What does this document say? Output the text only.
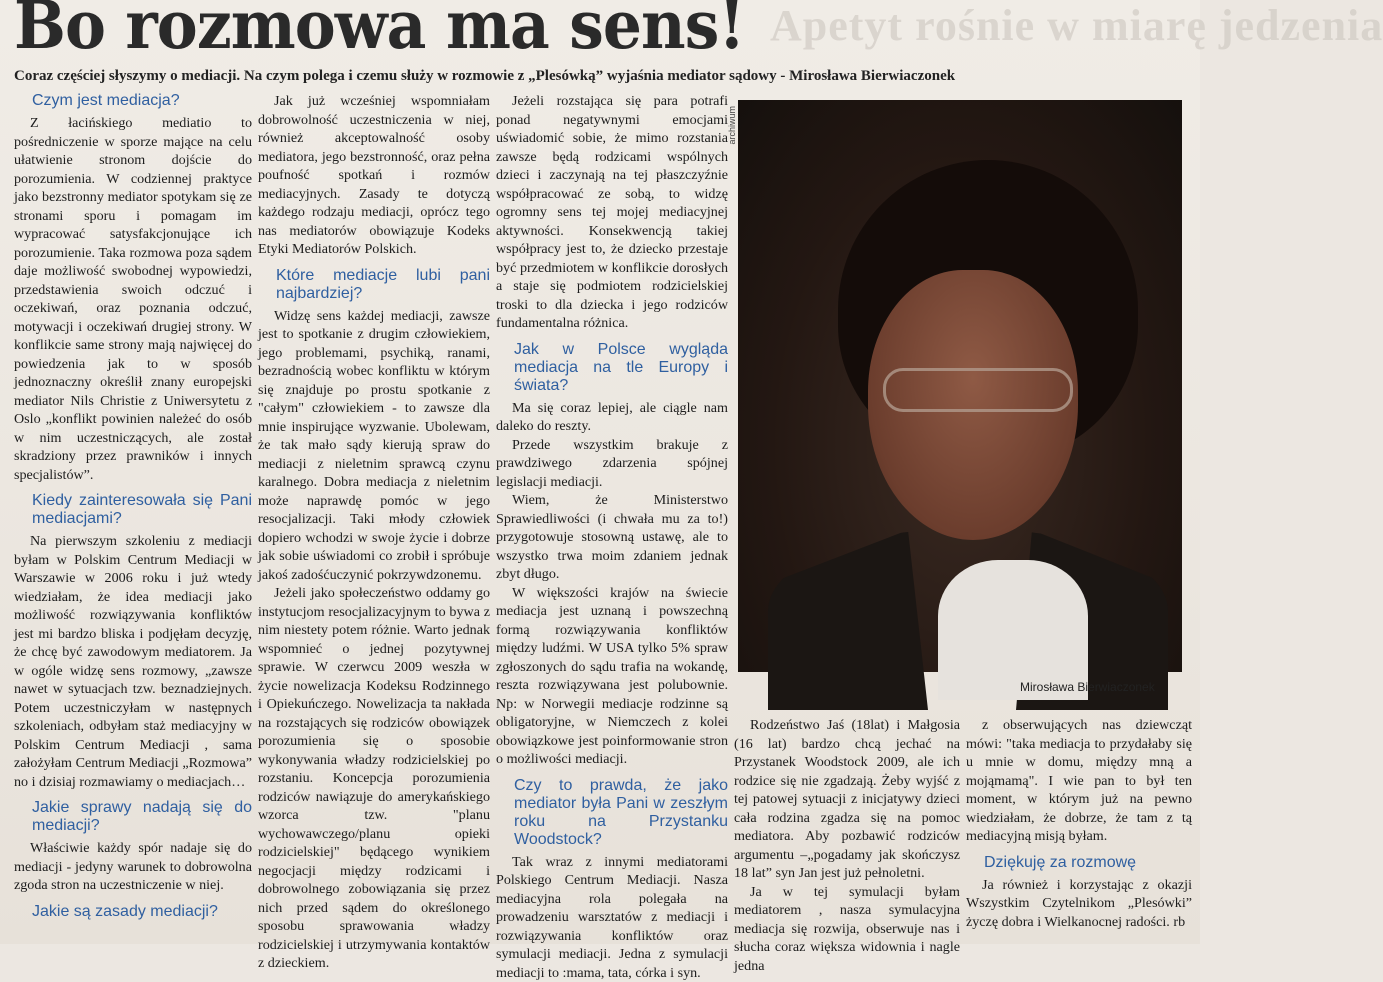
Apetyt rośnie w miarę jedzenia
Bo rozmowa ma sens!
Coraz częściej słyszymy o mediacji. Na czym polega i czemu służy w rozmowie z „Plesówką” wyjaśnia mediator sądowy - Mirosława Bierwiaczonek
Czym jest mediacja?

Z łacińskiego mediatio to pośredniczenie w sporze mające na celu ułatwienie stronom dojście do porozumienia. W codziennej praktyce jako bezstronny mediator spotykam się ze stronami sporu i pomagam im wypracować satysfakcjonujące ich porozumienie. Taka rozmowa poza sądem daje możliwość swobodnej wypowiedzi, przedstawienia swoich odczuć i oczekiwań, oraz poznania odczuć, motywacji i oczekiwań drugiej strony. W konflikcie same strony mają najwięcej do powiedzenia jak to w sposób jednoznaczny określił znany europejski mediator Nils Christie z Uniwersytetu z Oslo „konflikt powinien należeć do osób w nim uczestniczących, ale został skradziony przez prawników i innych specjalistów”.

Kiedy zainteresowała się Pani mediacjami?

Na pierwszym szkoleniu z mediacji byłam w Polskim Centrum Mediacji w Warszawie w 2006 roku i już wtedy wiedziałam, że idea mediacji jako możliwość rozwiązywania konfliktów jest mi bardzo bliska i podjęłam decyzję, że chcę być zawodowym mediatorem. Ja w ogóle widzę sens rozmowy, „zawsze nawet w sytuacjach tzw. beznadziejnych. Potem uczestniczyłam w następnych szkoleniach, odbyłam staż mediacyjny w Polskim Centrum Mediacji , sama założyłam Centrum Mediacji „Rozmowa” no i dzisiaj rozmawiamy o mediacjach…

Jakie sprawy nadają się do mediacji?

Właściwie każdy spór nadaje się do mediacji - jedyny warunek to dobrowolna zgoda stron na uczestniczenie w niej.

Jakie są zasady mediacji?

Jak już wcześniej wspomniałam dobrowolność uczestniczenia w niej, również akceptowalność osoby mediatora, jego bezstronność, oraz pełna poufność spotkań i rozmów mediacyjnych. Zasady te dotyczą każdego rodzaju mediacji, oprócz tego nas mediatorów obowiązuje Kodeks Etyki Mediatorów Polskich.

Które mediacje lubi pani najbardziej?

Widzę sens każdej mediacji, zawsze jest to spotkanie z drugim człowiekiem, jego problemami, psychiką, ranami, bezradnością wobec konfliktu w którym się znajduje po prostu spotkanie z "całym" człowiekiem - to zawsze dla mnie inspirujące wyzwanie. Ubolewam, że tak mało sądy kierują spraw do mediacji z nieletnim sprawcą czynu karalnego. Dobra mediacja z nieletnim może naprawdę pomóc w jego resocjalizacji. Taki młody człowiek dopiero wchodzi w swoje życie i dobrze jak sobie uświadomi co zrobił i spróbuje jakoś zadośćuczynić pokrzywdzonemu.

Jeżeli jako społeczeństwo oddamy go instytucjom resocjalizacyjnym to bywa z nim niestety potem różnie. Warto jednak wspomnieć o jednej pozytywnej sprawie. W czerwcu 2009 weszła w życie nowelizacja Kodeksu Rodzinnego i Opiekuńczego. Nowelizacja ta nakłada na rozstających się rodziców obowiązek porozumienia się o sposobie wykonywania władzy rodzicielskiej po rozstaniu. Koncepcja porozumienia rodziców nawiązuje do amerykańskiego wzorca tzw. "planu wychowawczego/planu opieki rodzicielskiej" będącego wynikiem negocjacji między rodzicami i dobrowolnego zobowiązania się przez nich przed sądem do określonego sposobu sprawowania władzy rodzicielskiej i utrzymywania kontaktów z dzieckiem.

Jeżeli rozstająca się para potrafi ponad negatywnymi emocjami uświadomić sobie, że mimo rozstania zawsze będą rodzicami wspólnych dzieci i zaczynają na tej płaszczyźnie współpracować ze sobą, to widzę ogromny sens tej mojej mediacyjnej aktywności. Konsekwencją takiej współpracy jest to, że dziecko przestaje być przedmiotem w konflikcie dorosłych a staje się podmiotem rodzicielskiej troski to dla dziecka i jego rodziców fundamentalna różnica.

Jak w Polsce wygląda mediacja na tle Europy i świata?

Ma się coraz lepiej, ale ciągle nam daleko do reszty.

Przede wszystkim brakuje z prawdziwego zdarzenia spójnej legislacji mediacji.

Wiem, że Ministerstwo Sprawiedliwości (i chwała mu za to!) przygotowuje stosowną ustawę, ale to wszystko trwa moim zdaniem jednak zbyt długo.

W większości krajów na świecie mediacja jest uznaną i powszechną formą rozwiązywania konfliktów między ludźmi. W USA tylko 5% spraw zgłoszonych do sądu trafia na wokandę, reszta rozwiązywana jest polubownie. Np: w Norwegii mediacje rodzinne są obligatoryjne, w Niemczech z kolei obowiązkowe jest poinformowanie stron o możliwości mediacji.

Czy to prawda, że jako mediator była Pani w zeszłym roku na Przystanku Woodstock?

Tak wraz z innymi mediatorami Polskiego Centrum Mediacji. Nasza mediacyjna rola polegała na prowadzeniu warsztatów z mediacji i rozwiązywania konfliktów oraz symulacji mediacji. Jedna z symulacji mediacji to :mama, tata, córka i syn.

archiwum
Mirosława Bierwiaczonek

Rodzeństwo Jaś (18lat) i Małgosia (16 lat) bardzo chcą jechać na Przystanek Woodstock 2009, ale ich rodzice się nie zgadzają. Żeby wyjść z tej patowej sytuacji z inicjatywy dzieci cała rodzina zgadza się na pomoc mediatora. Aby pozbawić rodziców argumentu –„pogadamy jak skończysz 18 lat” syn Jan jest już pełnoletni.

Ja w tej symulacji byłam mediatorem , nasza symulacyjna mediacja się rozwija, obserwuje nas i słucha coraz większa widownia i nagle jedna

z obserwujących nas dziewcząt mówi: "taka mediacja to przydałaby się u mnie w domu, między mną a mojąmamą". I wie pan to był ten moment, w którym już na pewno wiedziałam, że dobrze, że tam z tą mediacyjną misją byłam.

Dziękuję za rozmowę

Ja również i korzystając z okazji Wszystkim Czytelnikom „Plesówki” życzę dobra i Wielkanocnej radości. rb
